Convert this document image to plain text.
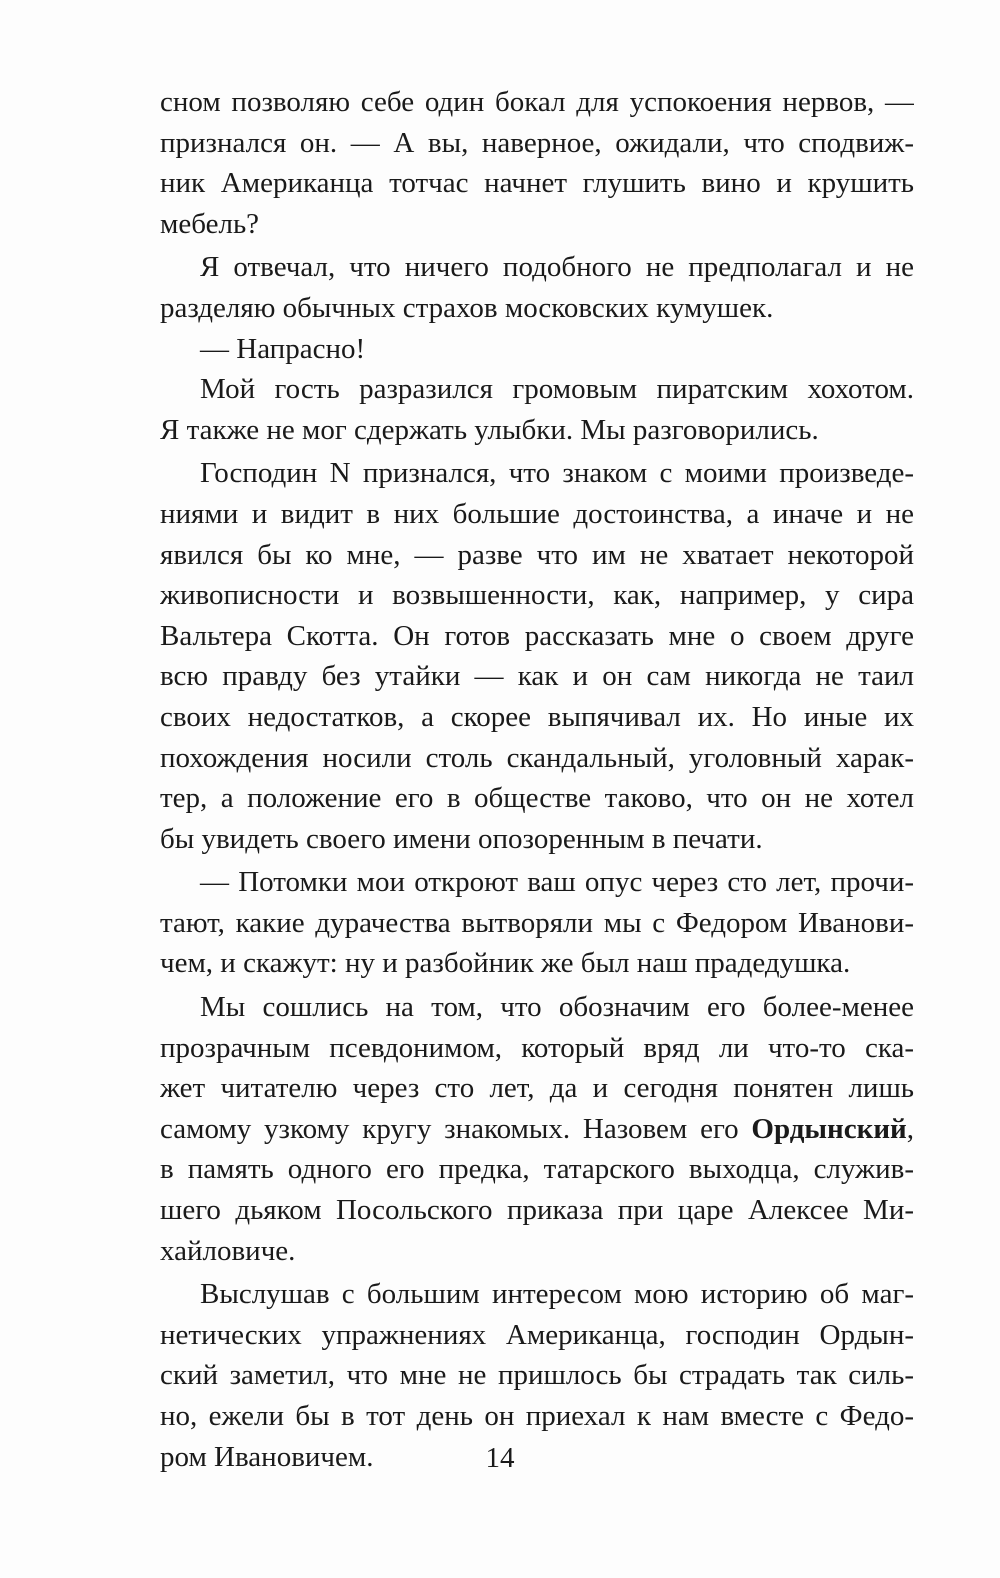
сном позволяю себе один бокал для успокоения нервов, —
признался он. — А вы, наверное, ожидали, что сподвиж-
ник Американца тотчас начнет глушить вино и крушить
мебель?
Я отвечал, что ничего подобного не предполагал и не
разделяю обычных страхов московских кумушек.
— Напрасно!
Мой гость разразился громовым пиратским хохотом.
Я также не мог сдержать улыбки. Мы разговорились.
Господин N признался, что знаком с моими произведе-
ниями и видит в них большие достоинства, а иначе и не
явился бы ко мне, — разве что им не хватает некоторой
живописности и возвышенности, как, например, у сира
Вальтера Скотта. Он готов рассказать мне о своем друге
всю правду без утайки — как и он сам никогда не таил
своих недостатков, а скорее выпячивал их. Но иные их
похождения носили столь скандальный, уголовный харак-
тер, а положение его в обществе таково, что он не хотел
бы увидеть своего имени опозоренным в печати.
— Потомки мои откроют ваш опус через сто лет, прочи-
тают, какие дурачества вытворяли мы с Федором Иванови-
чем, и скажут: ну и разбойник же был наш прадедушка.
Мы сошлись на том, что обозначим его более-менее
прозрачным псевдонимом, который вряд ли что-то ска-
жет читателю через сто лет, да и сегодня понятен лишь
самому узкому кругу знакомых. Назовем его Ордынский,
в память одного его предка, татарского выходца, служив-
шего дьяком Посольского приказа при царе Алексее Ми-
хайловиче.
Выслушав с большим интересом мою историю об маг-
нетических упражнениях Американца, господин Ордын-
ский заметил, что мне не пришлось бы страдать так силь-
но, ежели бы в тот день он приехал к нам вместе с Федо-
ром Ивановичем.	14
